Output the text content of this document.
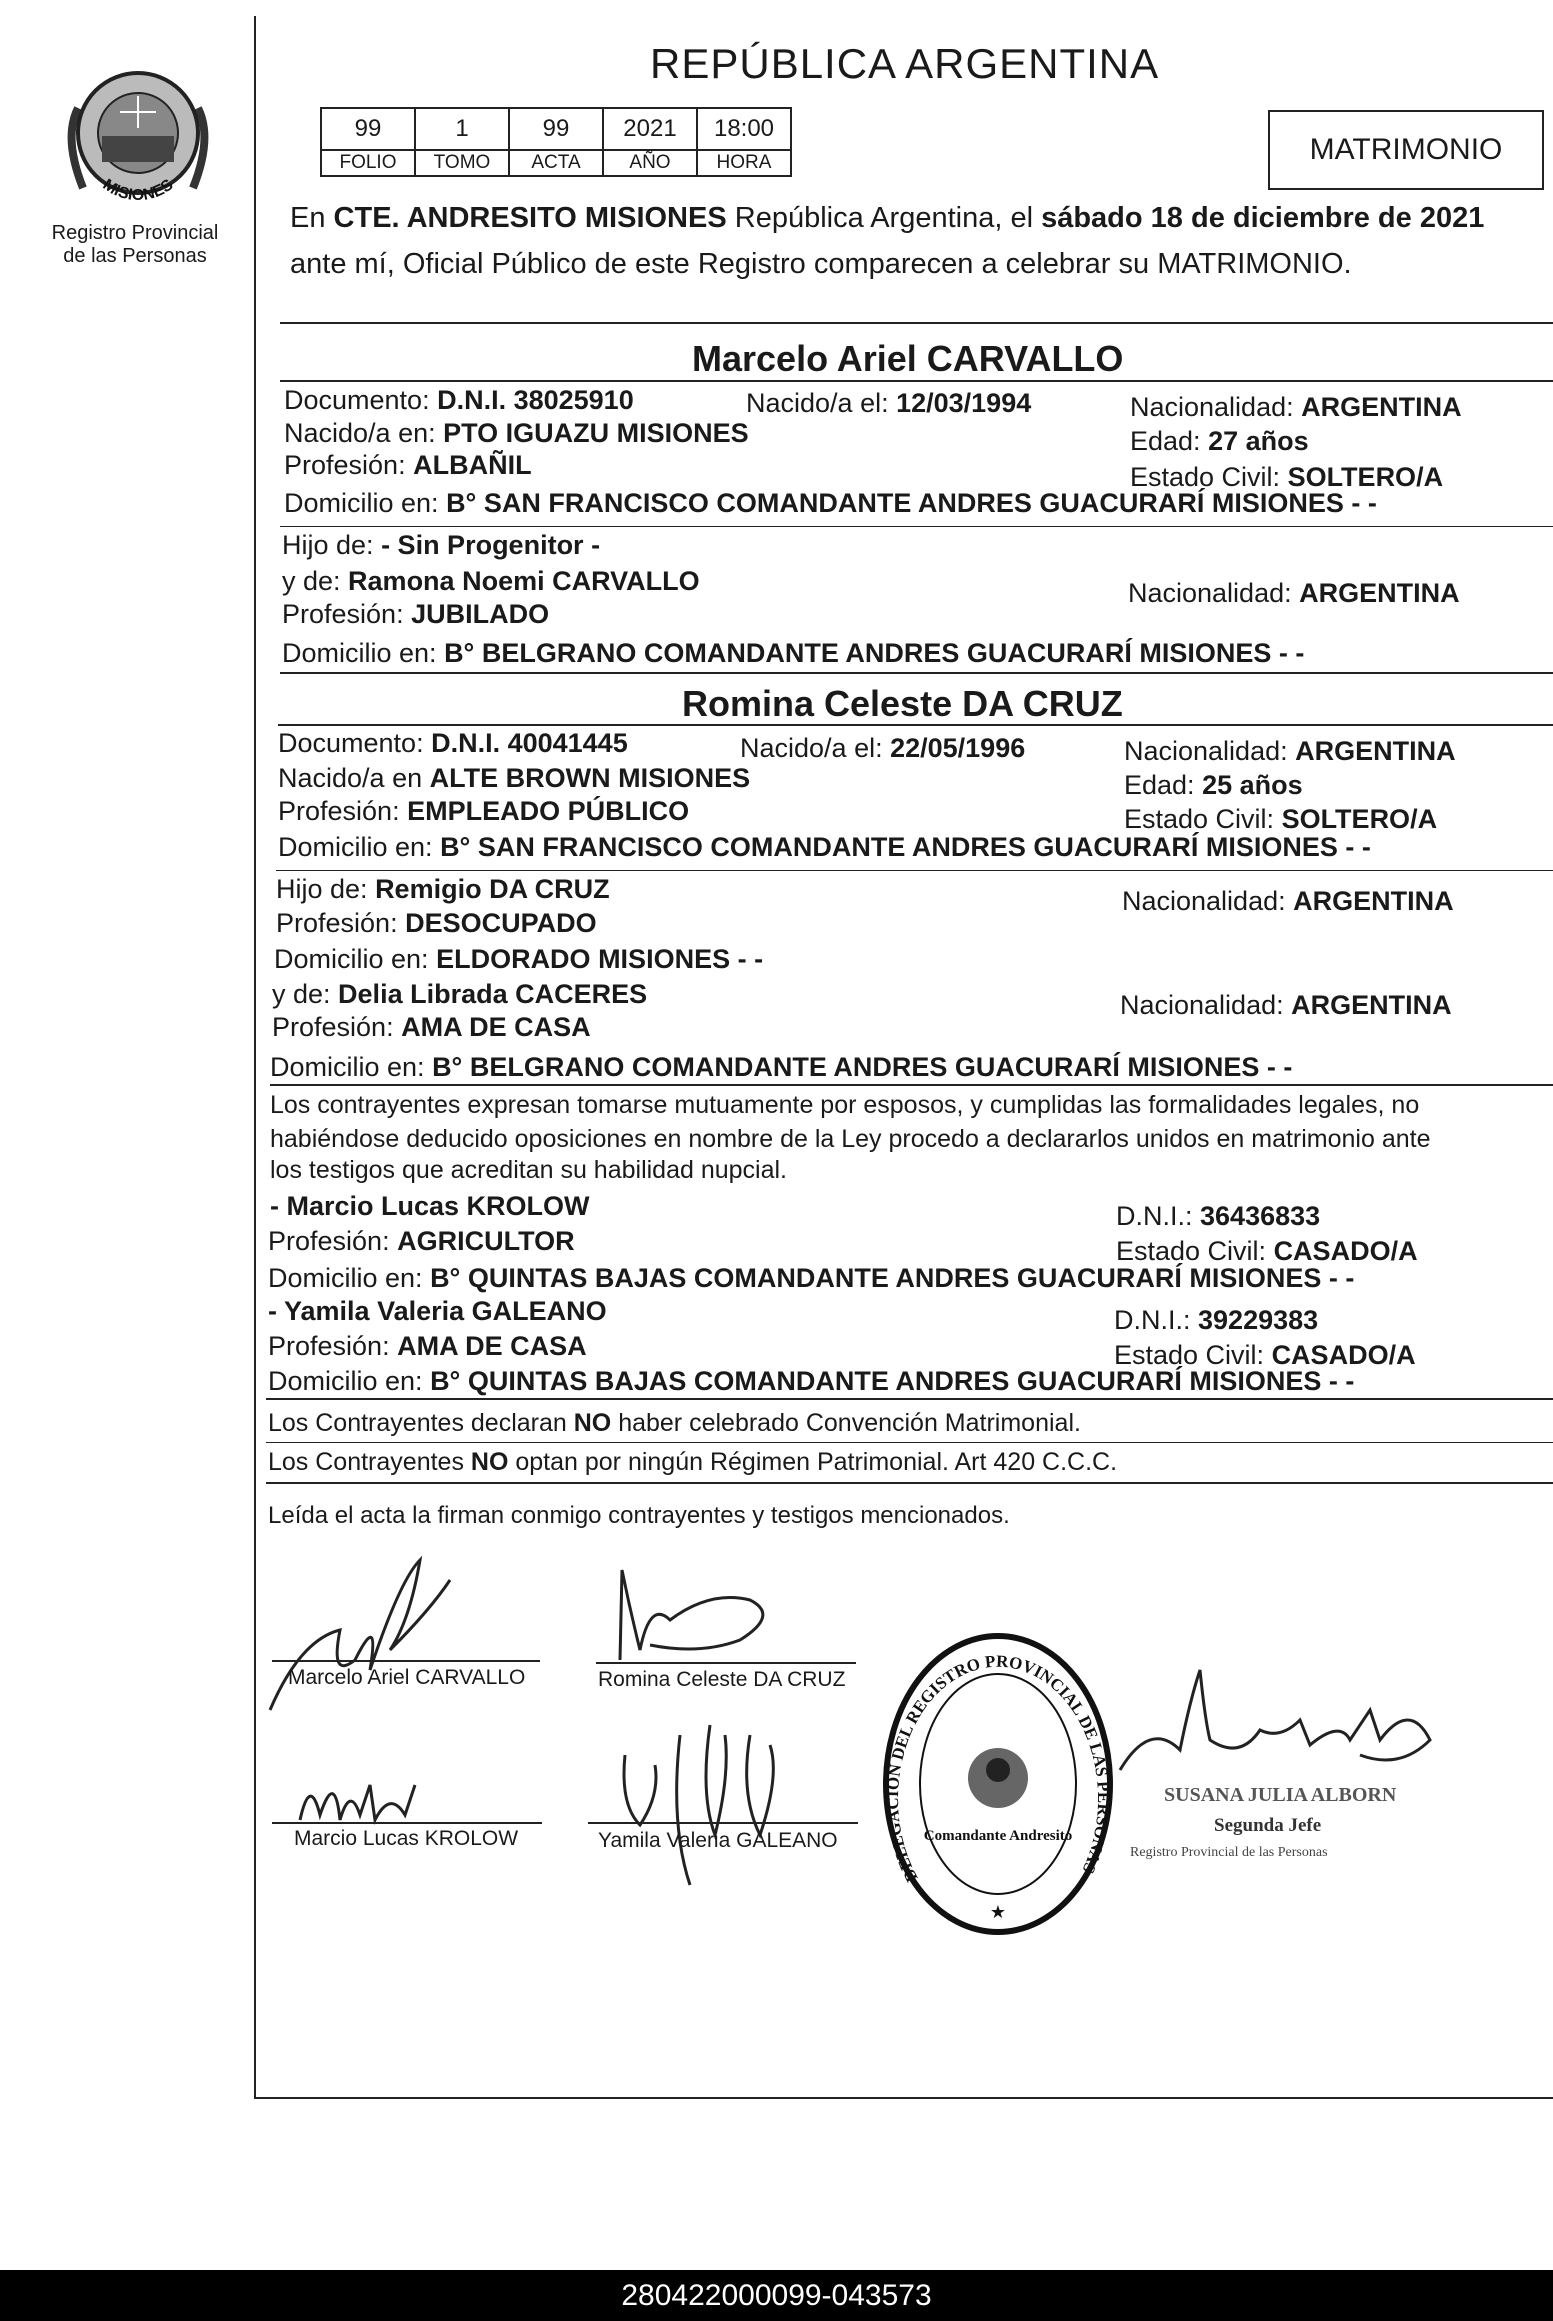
MISIONES
Registro Provincial
de las Personas
REPÚBLICA ARGENTINA
99	1	99	2021	18:00
FOLIO	TOMO	ACTA	AÑO	HORA	MATRIMONIO
En CTE. ANDRESITO MISIONES República Argentina, el sábado 18 de diciembre de 2021
ante mí, Oficial Público de este Registro comparecen a celebrar su MATRIMONIO.
Marcelo Ariel CARVALLO
Documento: D.N.I. 38025910	Nacido/a el: 12/03/1994	Nacionalidad: ARGENTINA
Nacido/a en: PTO IGUAZU MISIONES	Edad: 27 años
Profesión: ALBAÑIL	Estado Civil: SOLTERO/A
Domicilio en: B° SAN FRANCISCO COMANDANTE ANDRES GUACURARÍ MISIONES - -
Hijo de: - Sin Progenitor -
y de: Ramona Noemi CARVALLO	Nacionalidad: ARGENTINA
Profesión: JUBILADO
Domicilio en: B° BELGRANO COMANDANTE ANDRES GUACURARÍ MISIONES - -
Romina Celeste DA CRUZ
Documento: D.N.I. 40041445	Nacido/a el: 22/05/1996	Nacionalidad: ARGENTINA
Nacido/a en ALTE BROWN MISIONES	Edad: 25 años
Profesión: EMPLEADO PÚBLICO	Estado Civil: SOLTERO/A
Domicilio en: B° SAN FRANCISCO COMANDANTE ANDRES GUACURARÍ MISIONES - -
Hijo de: Remigio DA CRUZ	Nacionalidad: ARGENTINA
Profesión: DESOCUPADO
Domicilio en: ELDORADO MISIONES - -
y de: Delia Librada CACERES	Nacionalidad: ARGENTINA
Profesión: AMA DE CASA
Domicilio en: B° BELGRANO COMANDANTE ANDRES GUACURARÍ MISIONES - -
Los contrayentes expresan tomarse mutuamente por esposos, y cumplidas las formalidades legales, no
habiéndose deducido oposiciones en nombre de la Ley procedo a declararlos unidos en matrimonio ante
los testigos que acreditan su habilidad nupcial.
- Marcio Lucas KROLOW	D.N.I.: 36436833
Profesión: AGRICULTOR	Estado Civil: CASADO/A
Domicilio en: B° QUINTAS BAJAS COMANDANTE ANDRES GUACURARÍ MISIONES - -
- Yamila Valeria GALEANO	D.N.I.: 39229383
Profesión: AMA DE CASA	Estado Civil: CASADO/A
Domicilio en: B° QUINTAS BAJAS COMANDANTE ANDRES GUACURARÍ MISIONES - -
Los Contrayentes declaran NO haber celebrado Convención Matrimonial.
Los Contrayentes NO optan por ningún Régimen Patrimonial. Art 420 C.C.C.
Leída el acta la firman conmigo contrayentes y testigos mencionados.
Marcelo Ariel CARVALLO	Romina Celeste DA CRUZ
Marcio Lucas KROLOW	Yamila Valeria GALEANO
DELEGACION DEL REGISTRO PROVINCIAL DE LAS PERSONAS
Comandante Andresito
★
SUSANA JULIA ALBORN
Segunda Jefe
Registro Provincial de las Personas
280422000099-043573
